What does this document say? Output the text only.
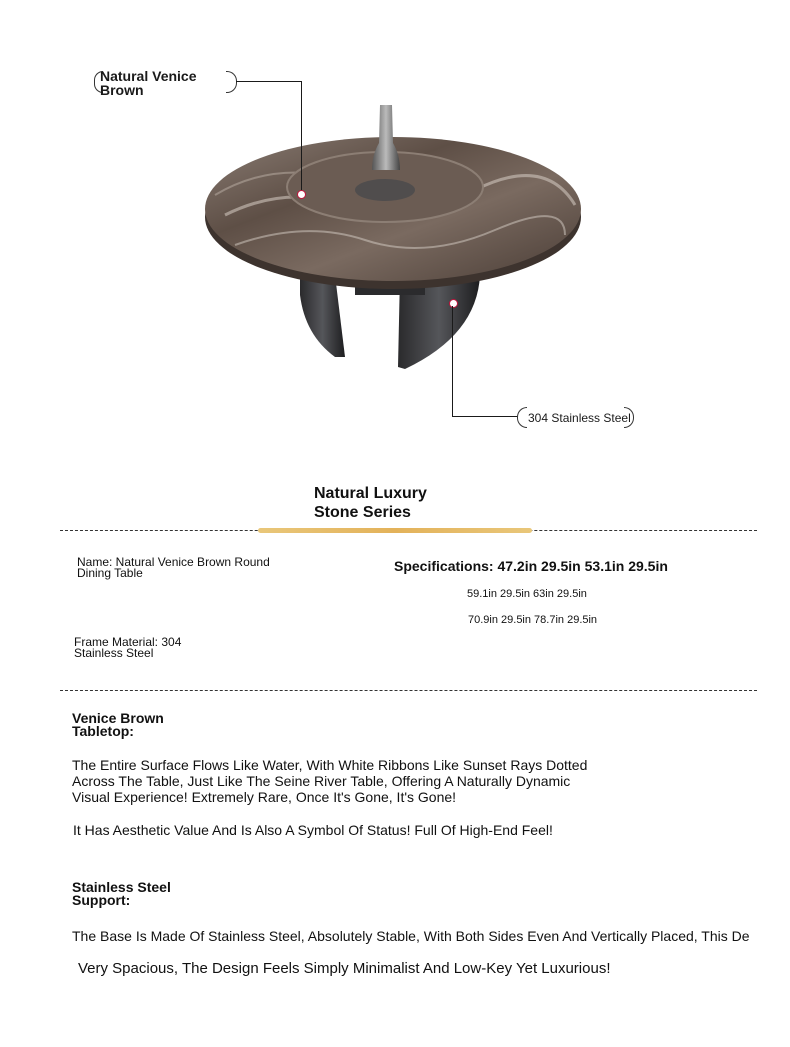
Natural Venice
Brown
304 Stainless Steel
Natural Luxury
Stone Series
Name: Natural Venice Brown Round
Dining Table	Specifications: 47.2in 29.5in 53.1in 29.5in
59.1in 29.5in 63in 29.5in
70.9in 29.5in 78.7in 29.5in
Frame Material: 304
Stainless Steel
Venice Brown
Tabletop:
The Entire Surface Flows Like Water, With White Ribbons Like Sunset Rays Dotted
Across The Table, Just Like The Seine River Table, Offering A Naturally Dynamic
Visual Experience! Extremely Rare, Once It's Gone, It's Gone!
It Has Aesthetic Value And Is Also A Symbol Of Status! Full Of High-End Feel!
Stainless Steel
Support:
The Base Is Made Of Stainless Steel, Absolutely Stable, With Both Sides Even And Vertically Placed, This De
Very Spacious, The Design Feels Simply Minimalist And Low-Key Yet Luxurious!
